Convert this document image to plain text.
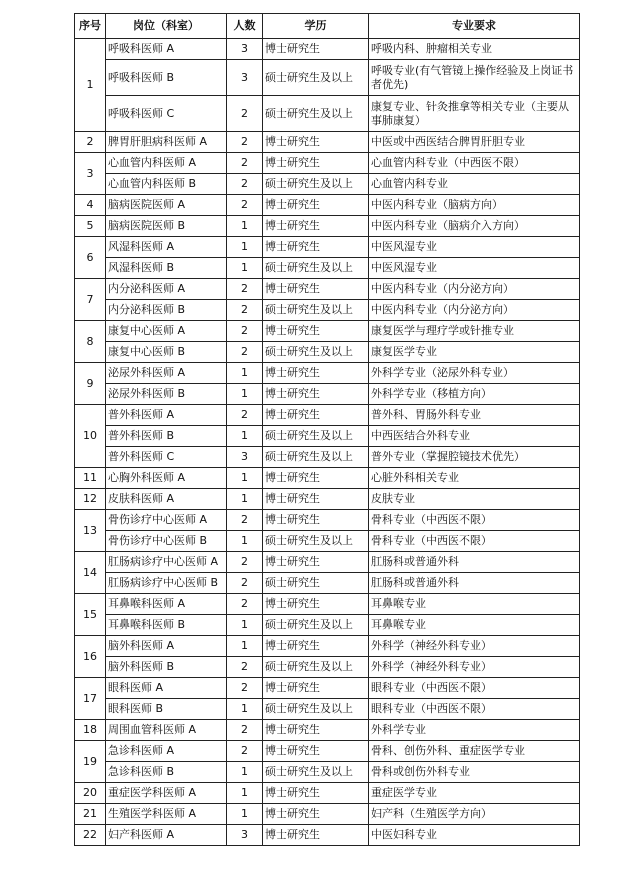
序号	岗位（科室）	人数	学历	专业要求
1	呼吸科医师 A	3	博士研究生	呼吸内科、肿瘤相关专业
	呼吸科医师 B	3	硕士研究生及以上	呼吸专业(有气管镜上操作经验及上岗证书者优先)
	呼吸科医师 C	2	硕士研究生及以上	康复专业、针灸推拿等相关专业（主要从事肺康复）
2	脾胃肝胆病科医师 A	2	博士研究生	中医或中西医结合脾胃肝胆专业
3	心血管内科医师 A	2	博士研究生	心血管内科专业（中西医不限）
	心血管内科医师 B	2	硕士研究生及以上	心血管内科专业
4	脑病医院医师 A	2	博士研究生	中医内科专业（脑病方向）
5	脑病医院医师 B	1	博士研究生	中医内科专业（脑病介入方向）
6	风湿科医师 A	1	博士研究生	中医风湿专业
	风湿科医师 B	1	硕士研究生及以上	中医风湿专业
7	内分泌科医师 A	2	博士研究生	中医内科专业（内分泌方向）
	内分泌科医师 B	2	硕士研究生及以上	中医内科专业（内分泌方向）
8	康复中心医师 A	2	博士研究生	康复医学与理疗学或针推专业
	康复中心医师 B	2	硕士研究生及以上	康复医学专业
9	泌尿外科医师 A	1	博士研究生	外科学专业（泌尿外科专业）
	泌尿外科医师 B	1	博士研究生	外科学专业（移植方向）
10	普外科医师 A	2	博士研究生	普外科、胃肠外科专业
	普外科医师 B	1	硕士研究生及以上	中西医结合外科专业
	普外科医师 C	3	硕士研究生及以上	普外专业（掌握腔镜技术优先）
11	心胸外科医师 A	1	博士研究生	心脏外科相关专业
12	皮肤科医师 A	1	博士研究生	皮肤专业
13	骨伤诊疗中心医师 A	2	博士研究生	骨科专业（中西医不限）
	骨伤诊疗中心医师 B	1	硕士研究生及以上	骨科专业（中西医不限）
14	肛肠病诊疗中心医师 A	2	博士研究生	肛肠科或普通外科
	肛肠病诊疗中心医师 B	2	硕士研究生	肛肠科或普通外科
15	耳鼻喉科医师 A	2	博士研究生	耳鼻喉专业
	耳鼻喉科医师 B	1	硕士研究生及以上	耳鼻喉专业
16	脑外科医师 A	1	博士研究生	外科学（神经外科专业）
	脑外科医师 B	2	硕士研究生及以上	外科学（神经外科专业）
17	眼科医师 A	2	博士研究生	眼科专业（中西医不限）
	眼科医师 B	1	硕士研究生及以上	眼科专业（中西医不限）
18	周围血管科医师 A	2	博士研究生	外科学专业
19	急诊科医师 A	2	博士研究生	骨科、创伤外科、重症医学专业
	急诊科医师 B	1	硕士研究生及以上	骨科或创伤外科专业
20	重症医学科医师 A	1	博士研究生	重症医学专业
21	生殖医学科医师 A	1	博士研究生	妇产科（生殖医学方向）
22	妇产科医师 A	3	博士研究生	中医妇科专业
